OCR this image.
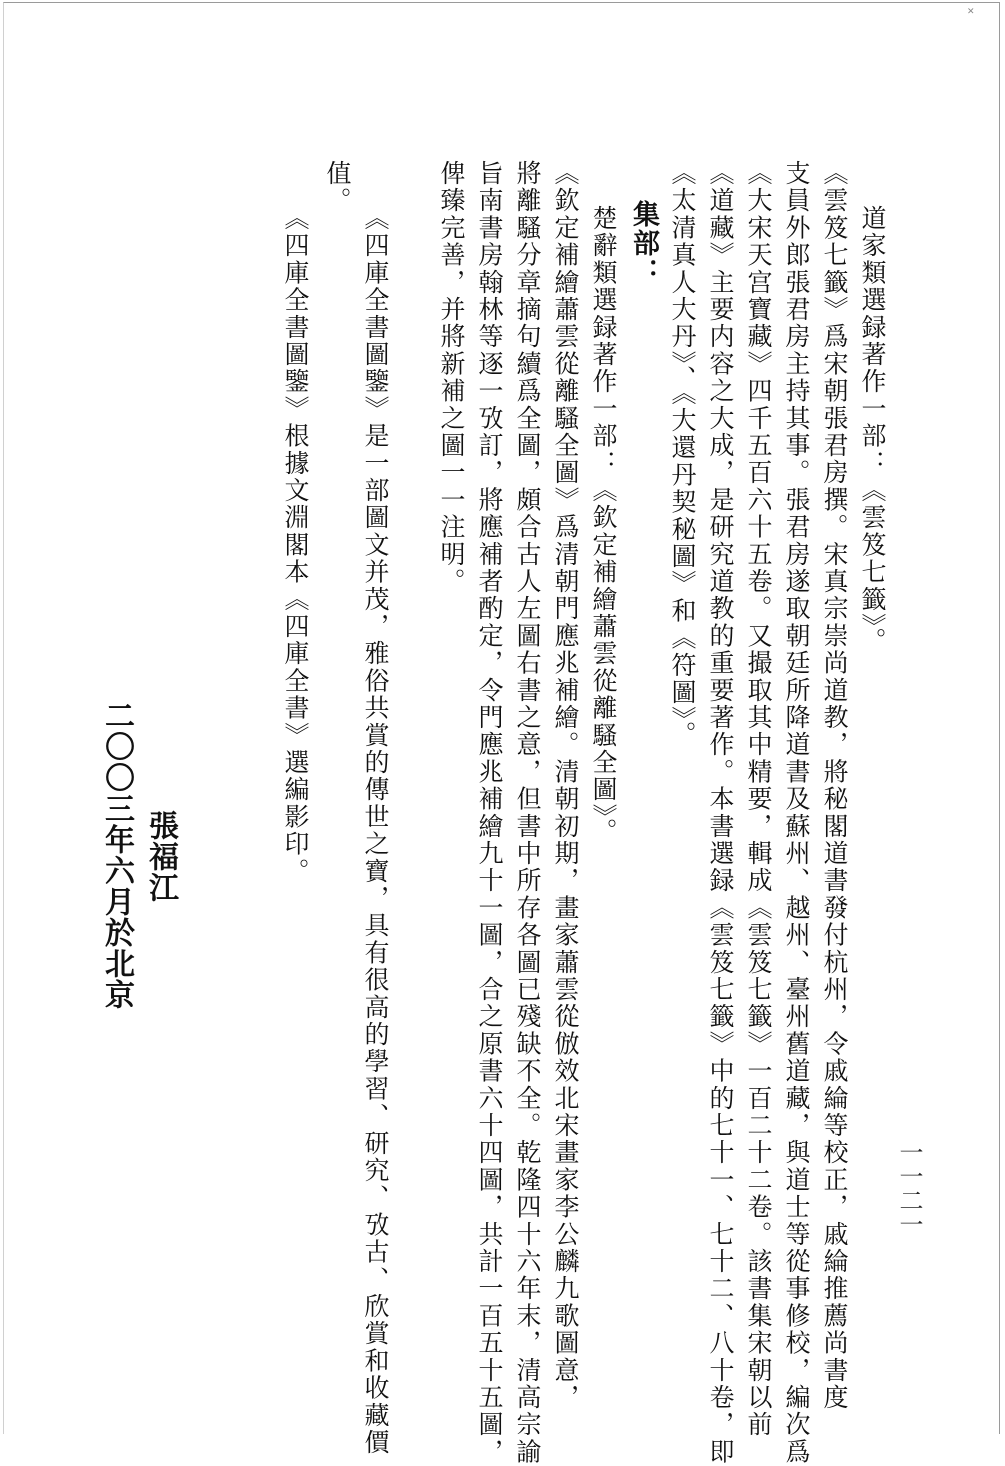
✕
一一二一
道家類選録著作一部：《雲笈七籤》。
《雲笈七籤》爲宋朝張君房撰。宋真宗崇尚道教，將秘閣道書發付杭州，令戚綸等校正，戚綸推薦尚書度
支員外郎張君房主持其事。張君房遂取朝廷所降道書及蘇州、越州、臺州舊道藏，與道士等從事修校，編次爲
《大宋天宫寶藏》四千五百六十五卷。又撮取其中精要，輯成《雲笈七籤》一百二十二卷。該書集宋朝以前
《道藏》主要内容之大成，是研究道教的重要著作。本書選録《雲笈七籤》中的七十一、七十二、八十卷，即
《太清真人大丹》、《大還丹契秘圖》和《符圖》。
集部：
楚辭類選録著作一部：《欽定補繪蕭雲從離騷全圖》。
《欽定補繪蕭雲從離騷全圖》爲清朝門應兆補繪。清朝初期，畫家蕭雲從倣效北宋畫家李公麟九歌圖意，
將離騷分章摘句續爲全圖，頗合古人左圖右書之意，但書中所存各圖已殘缺不全。乾隆四十六年末，清高宗諭
旨南書房翰林等逐一攷訂，將應補者酌定，令門應兆補繪九十一圖，合之原書六十四圖，共計一百五十五圖，
俾臻完善，并將新補之圖一一注明。
值。
《四庫全書圖鑒》是一部圖文并茂，雅俗共賞的傳世之寶，具有很高的學習、研究、攷古、欣賞和收藏價
《四庫全書圖鑒》根據文淵閣本《四庫全書》選編影印。
張福江
二〇〇三年六月於北京
